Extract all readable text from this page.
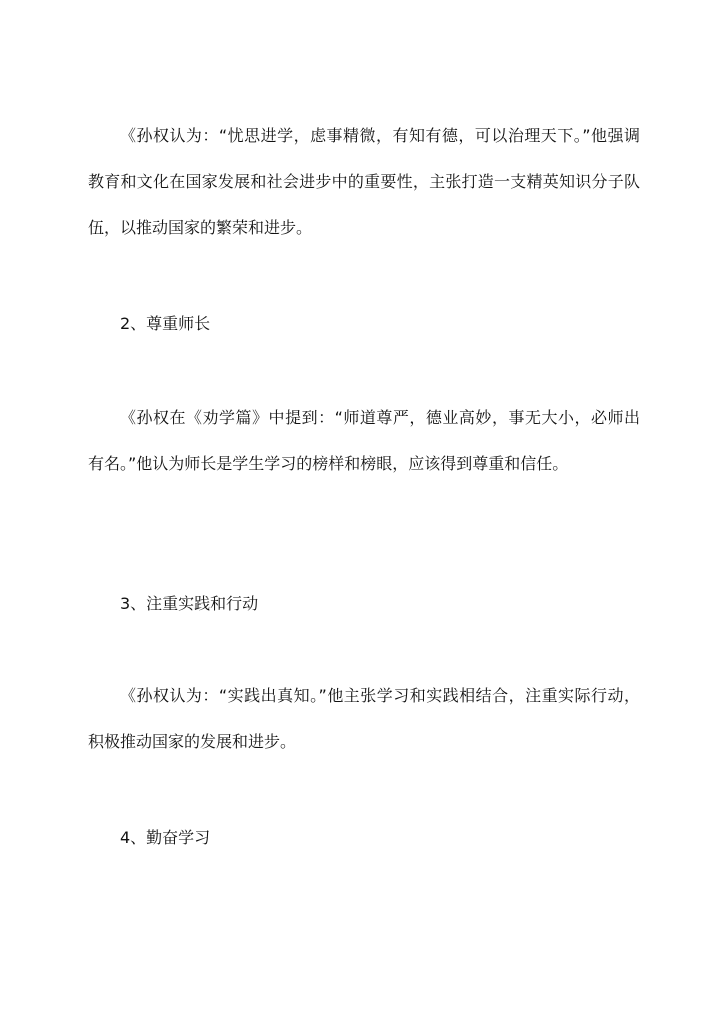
《孙权认为：“忧思进学，虑事精微，有知有德，可以治理天下。”他强调教育和文化在国家发展和社会进步中的重要性，主张打造一支精英知识分子队伍，以推动国家的繁荣和进步。

2、尊重师长

《孙权在《劝学篇》中提到：“师道尊严，德业高妙，事无大小，必师出有名。”他认为师长是学生学习的榜样和榜眼，应该得到尊重和信任。

3、注重实践和行动

《孙权认为：“实践出真知。”他主张学习和实践相结合，注重实际行动，积极推动国家的发展和进步。

4、勤奋学习
